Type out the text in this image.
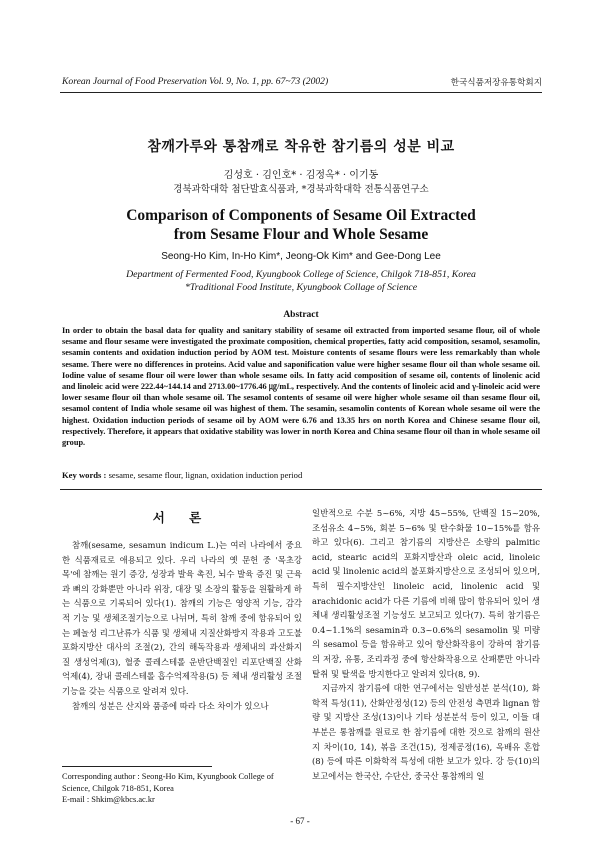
Korean Journal of Food Preservation Vol. 9, No. 1, pp. 67~73 (2002)	한국식품저장유통학회지
참깨가루와 통참깨로 착유한 참기름의 성분 비교
김성호 · 김인호* · 김정옥* · 이기동
경북과학대학 첨단발효식품과, *경북과학대학 전통식품연구소
Comparison of Components of Sesame Oil Extracted
from Sesame Flour and Whole Sesame
Seong-Ho Kim, In-Ho Kim*, Jeong-Ok Kim* and Gee-Dong Lee
Department of Fermented Food, Kyungbook College of Science, Chilgok 718-851, Korea
*Traditional Food Institute, Kyungbook Collage of Science
Abstract
In order to obtain the basal data for quality and sanitary stability of sesame oil extracted from imported sesame flour, oil of whole sesame and flour sesame were investigated the proximate composition, chemical properties, fatty acid composition, sesamol, sesamolin, sesamin contents and oxidation induction period by AOM test. Moisture contents of sesame flours were less remarkably than whole sesame. There were no differences in proteins. Acid value and saponification value were higher sesame flour oil than whole sesame oil. Iodine value of sesame flour oil were lower than whole sesame oils. In fatty acid composition of sesame oil, contents of linolenic acid and linoleic acid were 222.44~144.14 and 2713.00~1776.46 ㎍/mL, respectively. And the contents of linoleic acid and γ-linoleic acid were lower sesame flour oil than whole sesame oil. The sesamol contents of sesame oil were higher whole sesame oil than sesame flour oil, sesamol content of India whole sesame oil was highest of them. The sesamin, sesamolin contents of Korean whole sesame oil were the highest. Oxidation induction periods of sesame oil by AOM were 6.76 and 13.35 hrs on north Korea and Chinese sesame flour oil, respectively. Therefore, it appears that oxidative stability was lower in north Korea and China sesame flour oil than in whole sesame oil group.
Key words : sesame, sesame flour, lignan, oxidation induction period
서 론

참깨(sesame, sesamun indicum L.)는 여러 나라에서 중요한 식품재료로 애용되고 있다. 우리 나라의 옛 문헌 중 '목초강목'에 참깨는 원기 증강, 성장과 발육 촉진, 뇌수 발육 증진 및 근육과 뼈의 강화뿐만 아니라 위장, 대장 및 소장의 활동을 원활하게 하는 식품으로 기록되어 있다(1). 참깨의 기능은 영양적 기능, 감각적 기능 및 생체조절기능으로 나뉘며, 특히 참깨 중에 함유되어 있는 페놀성 리그난류가 식품 및 생체내 지질산화방지 작용과 고도불포화지방산 대사의 조절(2), 간의 해독작용과 생체내의 과산화지질 생성억제(3), 혈중 콜레스테롤 운반단백질인 리포단백질 산화억제(4), 장내 콜레스테롤 흡수억제작용(5) 등 체내 생리활성 조절기능을 갖는 식품으로 알려져 있다.

참깨의 성분은 산지와 품종에 따라 다소 차이가 있으나

일반적으로 수분 5~6%, 지방 45~55%, 단백질 15~20%, 조섬유소 4~5%, 회분 5~6% 및 탄수화물 10~15%를 함유하고 있다(6). 그리고 참기름의 지방산은 소량의 palmitic acid, stearic acid의 포화지방산과 oleic acid, linoleic acid 및 linolenic acid의 불포화지방산으로 조성되어 있으며, 특히 필수지방산인 linoleic acid, linolenic acid 및 arachidonic acid가 다른 기름에 비해 많이 함유되어 있어 생체내 생리활성조절 기능성도 보고되고 있다(7). 특히 참기름은 0.4~1.1%의 sesamin과 0.3~0.6%의 sesamolin 및 미량의 sesamol 등을 함유하고 있어 항산화작용이 강하여 참기름의 저장, 유통, 조리과정 중에 항산화작용으로 산패뿐만 아니라 탈취 및 탈색을 방지한다고 알려져 있다(8, 9).

지금까지 참기름에 대한 연구에서는 일반성분 분석(10), 화학적 특성(11), 산화안정성(12) 등의 안전성 측면과 lignan 함량 및 지방산 조성(13)이나 기타 성분분석 등이 있고, 이들 대부분은 통참깨를 원료로 한 참기름에 대한 것으로 참깨의 원산지 차이(10, 14), 볶음 조건(15), 정제공정(16), 옥배유 혼합(8) 등에 따른 이화학적 특성에 대한 보고가 있다. 강 등(10)의 보고에서는 한국산, 수단산, 중국산 통참깨의 일

Corresponding author : Seong-Ho Kim, Kyungbook College of
Science, Chilgok 718-851, Korea
E-mail : Shkim@kbcs.ac.kr
- 67 -
